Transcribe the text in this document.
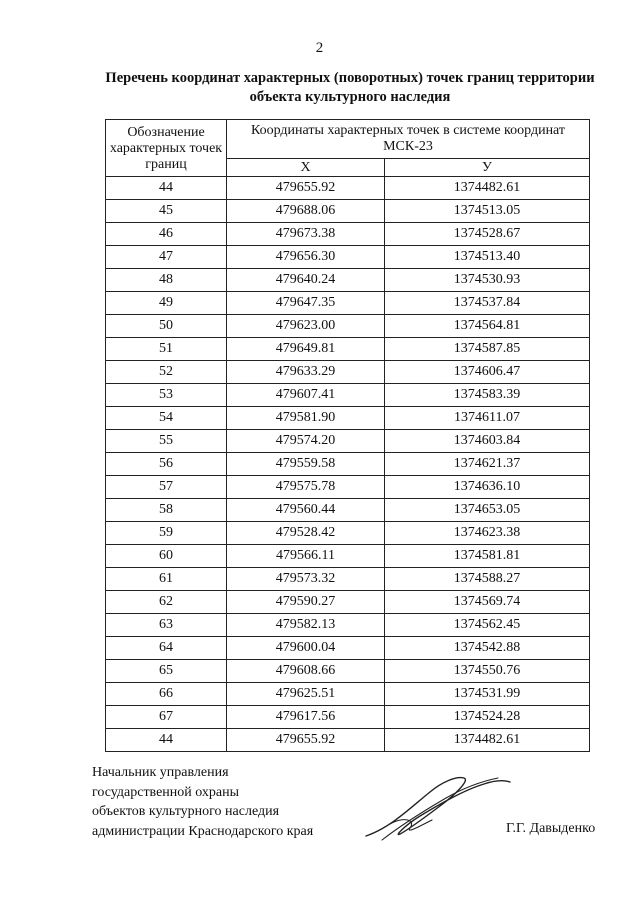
2
Перечень координат характерных (поворотных) точек границ территории
объекта культурного наследия
Обозначение характерных точек границ	Координаты характерных точек в системе координат МСК-23	
	X	У
44	479655.92	1374482.61
45	479688.06	1374513.05
46	479673.38	1374528.67
47	479656.30	1374513.40
48	479640.24	1374530.93
49	479647.35	1374537.84
50	479623.00	1374564.81
51	479649.81	1374587.85
52	479633.29	1374606.47
53	479607.41	1374583.39
54	479581.90	1374611.07
55	479574.20	1374603.84
56	479559.58	1374621.37
57	479575.78	1374636.10
58	479560.44	1374653.05
59	479528.42	1374623.38
60	479566.11	1374581.81
61	479573.32	1374588.27
62	479590.27	1374569.74
63	479582.13	1374562.45
64	479600.04	1374542.88
65	479608.66	1374550.76
66	479625.51	1374531.99
67	479617.56	1374524.28
44	479655.92	1374482.61
Начальник управления
государственной охраны
объектов культурного наследия
администрации Краснодарского края	Г.Г. Давыденко
